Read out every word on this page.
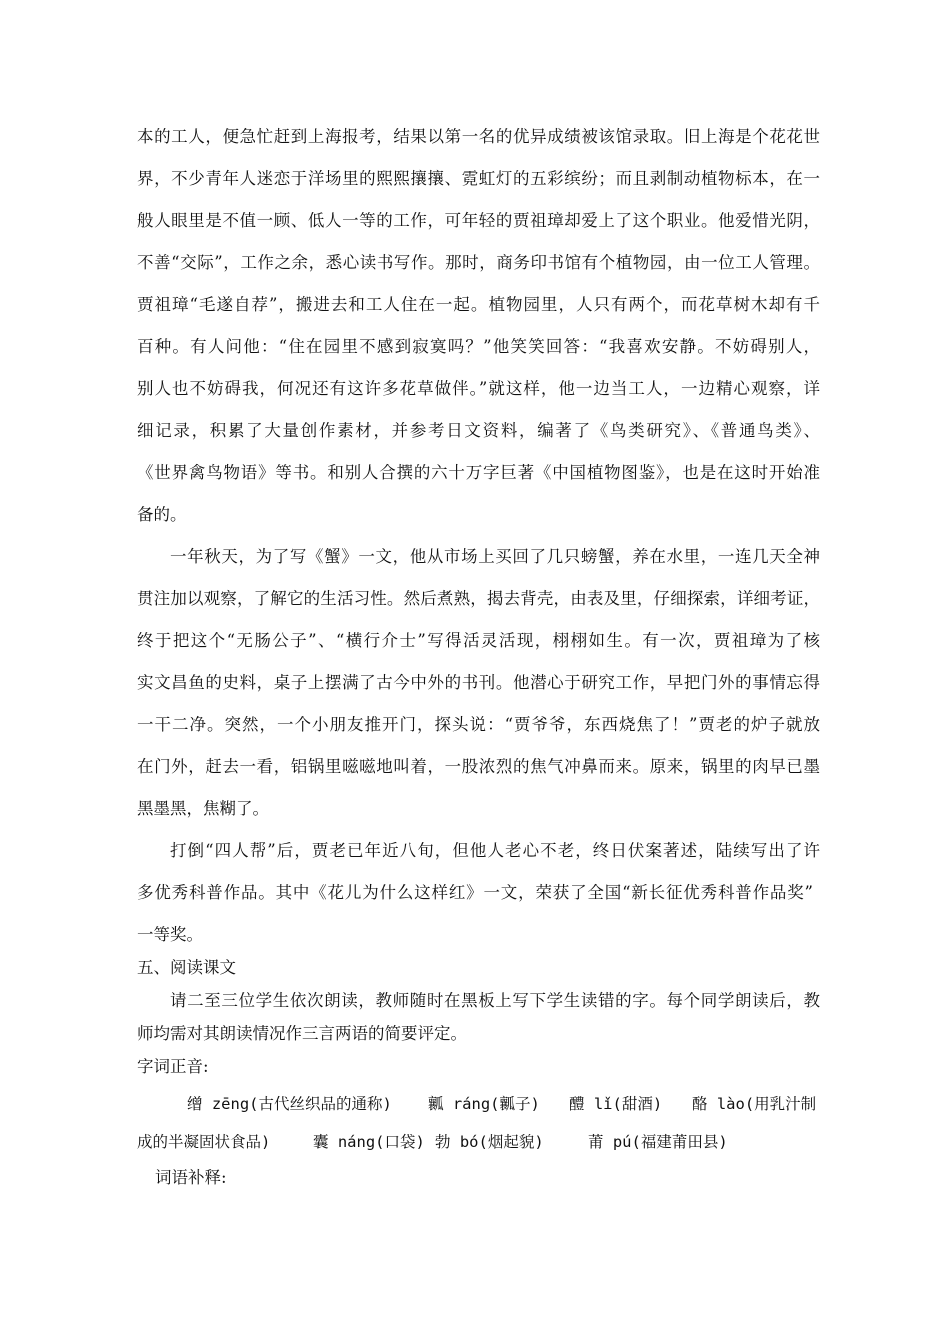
本的工人，便急忙赶到上海报考，结果以第一名的优异成绩被该馆录取。旧上海是个花花世
界，不少青年人迷恋于洋场里的熙熙攘攘、霓虹灯的五彩缤纷；而且剥制动植物标本，在一
般人眼里是不值一顾、低人一等的工作，可年轻的贾祖璋却爱上了这个职业。他爱惜光阴，
不善“交际”，工作之余，悉心读书写作。那时，商务印书馆有个植物园，由一位工人管理。
贾祖璋“毛遂自荐”，搬进去和工人住在一起。植物园里，人只有两个，而花草树木却有千
百种。有人问他：“住在园里不感到寂寞吗？”他笑笑回答：“我喜欢安静。不妨碍别人，
别人也不妨碍我，何况还有这许多花草做伴。”就这样，他一边当工人，一边精心观察，详
细记录，积累了大量创作素材，并参考日文资料，编著了《鸟类研究》、《普通鸟类》、
《世界禽鸟物语》等书。和别人合撰的六十万字巨著《中国植物图鉴》，也是在这时开始准
备的。
一年秋天，为了写《蟹》一文，他从市场上买回了几只螃蟹，养在水里，一连几天全神
贯注加以观察，了解它的生活习性。然后煮熟，揭去背壳，由表及里，仔细探索，详细考证，
终于把这个“无肠公子”、“横行介士”写得活灵活现，栩栩如生。有一次，贾祖璋为了核
实文昌鱼的史料，桌子上摆满了古今中外的书刊。他潜心于研究工作，早把门外的事情忘得
一干二净。突然，一个小朋友推开门，探头说：“贾爷爷，东西烧焦了！”贾老的炉子就放
在门外，赶去一看，铝锅里嗞嗞地叫着，一股浓烈的焦气冲鼻而来。原来，锅里的肉早已墨
黑墨黑，焦糊了。
打倒“四人帮”后，贾老已年近八旬，但他人老心不老，终日伏案著述，陆续写出了许
多优秀科普作品。其中《花儿为什么这样红》一文，荣获了全国“新长征优秀科普作品奖”
一等奖。
五、阅读课文
请二至三位学生依次朗读，教师随时在黑板上写下学生读错的字。每个同学朗读后，教
师均需对其朗读情况作三言两语的简要评定。
字词正音:
缯 zēng(古代丝织品的通称) 瓤 ráng(瓤子) 醴 lǐ(甜酒) 酪 lào(用乳汁制
成的半凝固状食品)	囊 náng(口袋) 勃 bó(烟起貌)	莆 pú(福建莆田县)
词语补释:
